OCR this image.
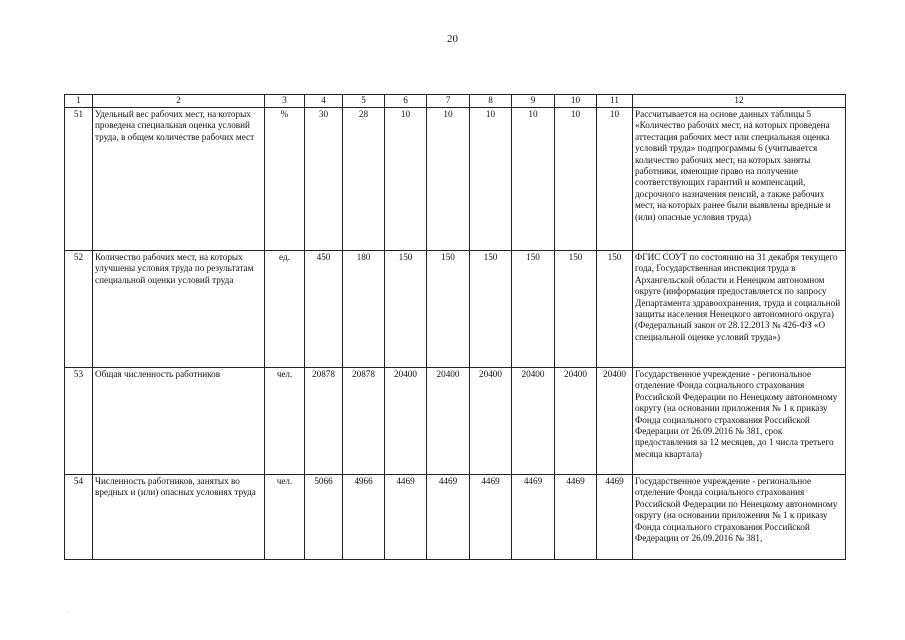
20
1	2	3	4	5	6	7	8	9	10	11	12
51	Удельный вес рабочих мест, на которых проведена специальная оценка условий труда, в общем количестве рабочих мест	%	30	28	10	10	10	10	10	10	Рассчитывается на основе данных таблицы 5 «Количество рабочих мест, на которых проведена аттестация рабочих мест или специальная оценка условий труда» подпрограммы 6 (учитывается количество рабочих мест, на которых заняты работники, имеющие право на получение соответствующих гарантий и компенсаций, досрочного назначения пенсий, а также рабочих мест, на которых ранее были выявлены вредные и (или) опасные условия труда)
52	Количество рабочих мест, на которых улучшены условия труда по результатам специальной оценки условий труда	ед.	450	180	150	150	150	150	150	150	ФГИС СОУТ по состоянию на 31 декабря текущего года, Государственная инспекция труда в Архангельской области и Ненецком автономном округе (информация предоставляется по запросу Департамента здравоохранения, труда и социальной защиты населения Ненецкого автономного округа) (Федеральный закон от 28.12.2013 № 426-ФЗ «О специальной оценке условий труда»)
53	Общая численность работников	чел.	20878	20878	20400	20400	20400	20400	20400	20400	Государственное учреждение - региональное отделение Фонда социального страхования Российской Федерации по Ненецкому автономному округу (на основании приложения № 1 к приказу Фонда социального страхования Российской Федерации от 26.09.2016 № 381, срок предоставления за 12 месяцев, до 1 числа третьего месяца квартала)
54	Численность работников, занятых во вредных и (или) опасных условиях труда	чел.	5066	4966	4469	4469	4469	4469	4469	4469	Государственное учреждение - региональное отделение Фонда социального страхования Российской Федерации по Ненецкому автономному округу (на основании приложения № 1 к приказу Фонда социального страхования Российской Федерации от 26.09.2016 № 381,
·
